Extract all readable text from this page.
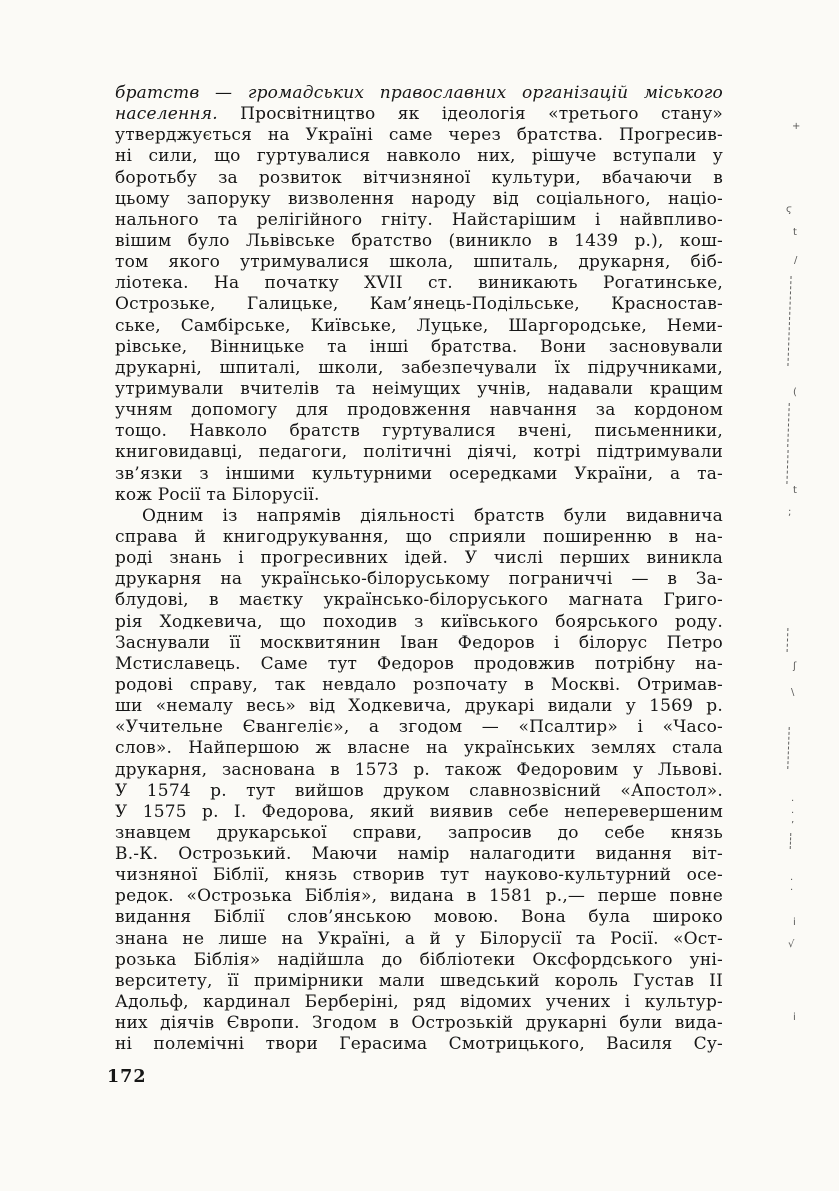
братств — громадських православних організацій міського
населення. Просвітництво як ідеологія «третього стану»
утверджується на Україні саме через братства. Прогресив-
ні сили, що гуртувалися навколо них, рішуче вступали у
боротьбу за розвиток вітчизняної культури, вбачаючи в
цьому запоруку визволення народу від соціального, націо-
нального та релігійного гніту. Найстарішим і найвпливо-
вішим було Львівське братство (виникло в 1439 р.), кош-
том якого утримувалися школа, шпиталь, друкарня, біб-
ліотека. На початку XVII ст. виникають Рогатинське,
Острозьке, Галицьке, Кам’янець-Подільське, Красностав-
ське, Самбірське, Київське, Луцьке, Шаргородське, Неми-
рівське, Вінницьке та інші братства. Вони засновували
друкарні, шпиталі, школи, забезпечували їх підручниками,
утримували вчителів та неімущих учнів, надавали кращим
учням допомогу для продовження навчання за кордоном
тощо. Навколо братств гуртувалися вчені, письменники,
книговидавці, педагоги, політичні діячі, котрі підтримували
зв’язки з іншими культурними осередками України, а та-
кож Росії та Білорусії.
Одним із напрямів діяльності братств були видавнича
справа й книгодрукування, що сприяли поширенню в на-
роді знань і прогресивних ідей. У числі перших виникла
друкарня на українсько-білоруському пограниччі — в За-
блудові, в маєтку українсько-білоруського магната Григо-
рія Ходкевича, що походив з київського боярського роду.
Заснували її москвитянин Іван Федоров і білорус Петро
Мстиславець. Саме тут Федоров продовжив потрібну на-
родові справу, так невдало розпочату в Москві. Отримав-
ши «немалу весь» від Ходкевича, друкарі видали у 1569 р.
«Учительне Євангеліє», а згодом — «Псалтир» і «Часо-
слов». Найпершою ж власне на українських землях стала
друкарня, заснована в 1573 р. також Федоровим у Львові.
У 1574 р. тут вийшов друком славнозвісний «Апостол».
У 1575 р. І. Федорова, який виявив себе неперевершеним
знавцем друкарської справи, запросив до себе князь
В.-К. Острозький. Маючи намір налагодити видання віт-
чизняної Біблії, князь створив тут науково-культурний осе-
редок. «Острозька Біблія», видана в 1581 р.,— перше повне
видання Біблії слов’янською мовою. Вона була широко
знана не лише на Україні, а й у Білорусії та Росії. «Ост-
розька Біблія» надійшла до бібліотеки Оксфордського уні-
верситету, її примірники мали шведський король Густав II
Адольф, кардинал Берберіні, ряд відомих учених і культур-
них діячів Європи. Згодом в Острозькій друкарні були вида-
ні полемічні твори Герасима Смотрицького, Василя Су-
172
+
ϛ
t
/
(
t
;
ʃ
\
·
·
’
·
·
i
√
i
